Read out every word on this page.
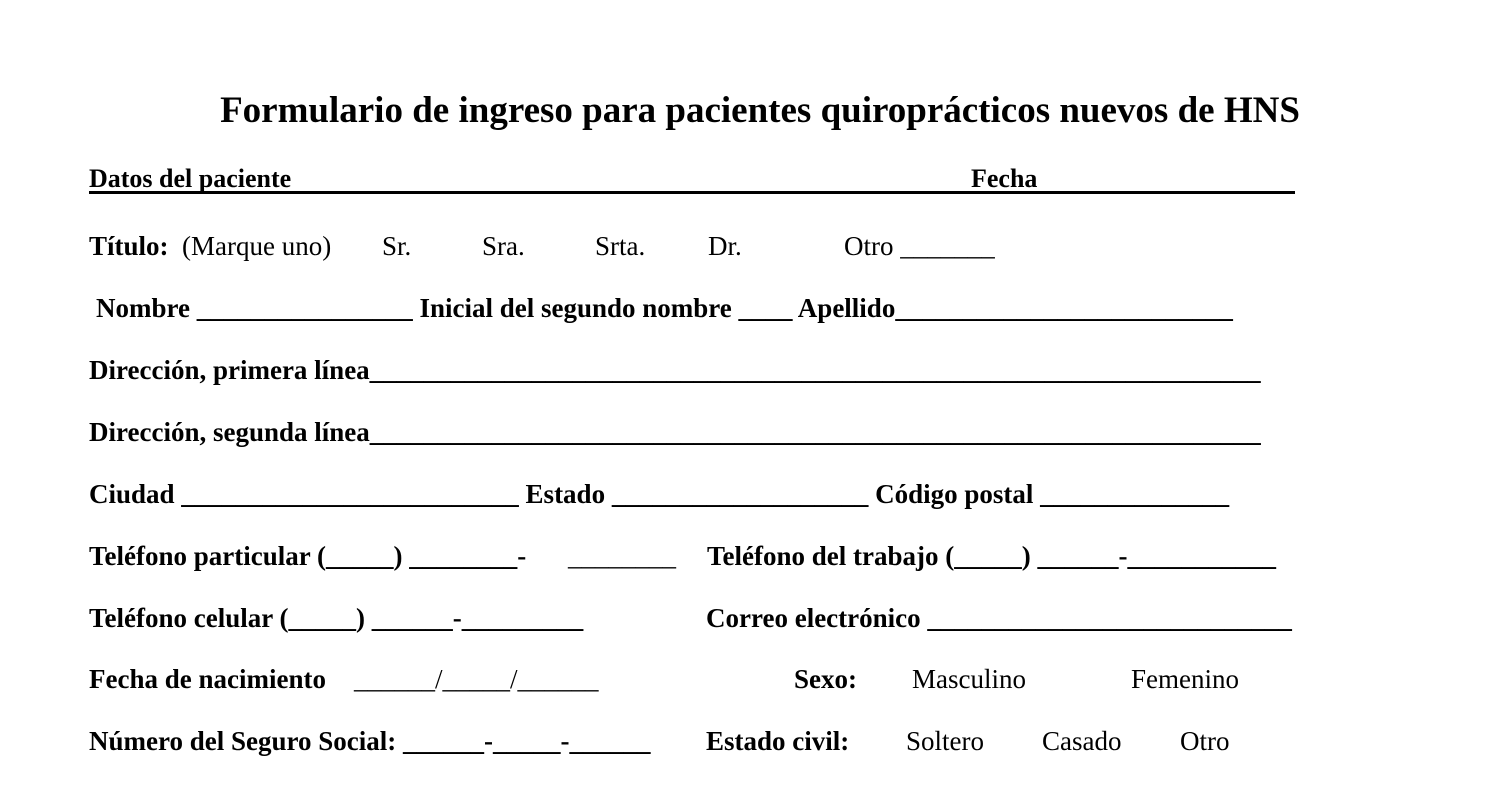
Formulario de ingreso para pacientes quiroprácticos nuevos de HNS
Datos del paciente	Fecha
Título: (Marque uno) Sr.	Sra.	Srta. Dr.	Otro _______
Nombre ________________ Inicial del segundo nombre ____ Apellido_________________________
Dirección, primera línea__________________________________________________________________
Dirección, segunda línea__________________________________________________________________
Ciudad _________________________ Estado ___________________ Código postal ______________
Teléfono particular (_____) ________- ________ Teléfono del trabajo (_____) ______-___________
Teléfono celular (_____) ______-_________	Correo electrónico ___________________________
Fecha de nacimiento ______/_____/______	Sexo: Masculino	Femenino
Número del Seguro Social: ______-_____-______ Estado civil: Soltero Casado Otro
